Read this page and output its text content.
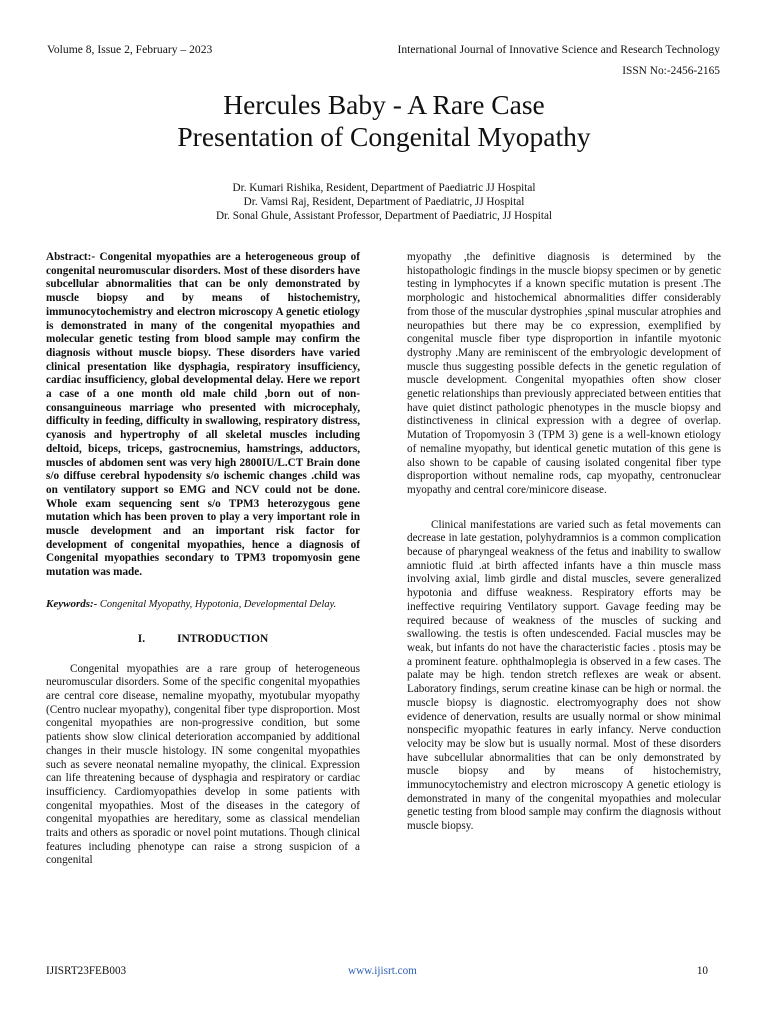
Volume 8, Issue 2, February – 2023	International Journal of Innovative Science and Research Technology
ISSN No:-2456-2165
Hercules Baby - A Rare Case
Presentation of Congenital Myopathy
Dr. Kumari Rishika, Resident, Department of Paediatric JJ Hospital
Dr. Vamsi Raj, Resident, Department of Paediatric, JJ Hospital
Dr. Sonal Ghule, Assistant Professor, Department of Paediatric, JJ Hospital

Abstract:- Congenital myopathies are a heterogeneous group of congenital neuromuscular disorders. Most of these disorders have subcellular abnormalities that can be only demonstrated by muscle biopsy and by means of histochemistry, immunocytochemistry and electron microscopy A genetic etiology is demonstrated in many of the congenital myopathies and molecular genetic testing from blood sample may confirm the diagnosis without muscle biopsy. These disorders have varied clinical presentation like dysphagia, respiratory insufficiency, cardiac insufficiency, global developmental delay. Here we report a case of a one month old male child ,born out of non- consanguineous marriage who presented with microcephaly, difficulty in feeding, difficulty in swallowing, respiratory distress, cyanosis and hypertrophy of all skeletal muscles including deltoid, biceps, triceps, gastrocnemius, hamstrings, adductors, muscles of abdomen sent was very high 2800IU/L.CT Brain done s/o diffuse cerebral hypodensity s/o ischemic changes .child was on ventilatory support so EMG and NCV could not be done. Whole exam sequencing sent s/o TPM3 heterozygous gene mutation which has been proven to play a very important role in muscle development and an important risk factor for development of congenital myopathies, hence a diagnosis of Congenital myopathies secondary to TPM3 tropomyosin gene mutation was made.

Keywords:- Congenital Myopathy, Hypotonia, Developmental Delay.

I.	INTRODUCTION

Congenital myopathies are a rare group of heterogeneous neuromuscular disorders. Some of the specific congenital myopathies are central core disease, nemaline myopathy, myotubular myopathy (Centro nuclear myopathy), congenital fiber type disproportion. Most congenital myopathies are non-progressive condition, but some patients show slow clinical deterioration accompanied by additional changes in their muscle histology. IN some congenital myopathies such as severe neonatal nemaline myopathy, the clinical. Expression can life threatening because of dysphagia and respiratory or cardiac insufficiency. Cardiomyopathies develop in some patients with congenital myopathies. Most of the diseases in the category of congenital myopathies are hereditary, some as classical mendelian traits and others as sporadic or novel point mutations. Though clinical features including phenotype can raise a strong suspicion of a congenital

myopathy ,the definitive diagnosis is determined by the histopathologic findings in the muscle biopsy specimen or by genetic testing in lymphocytes if a known specific mutation is present .The morphologic and histochemical abnormalities differ considerably from those of the muscular dystrophies ,spinal muscular atrophies and neuropathies but there may be co expression, exemplified by congenital muscle fiber type disproportion in infantile myotonic dystrophy .Many are reminiscent of the embryologic development of muscle thus suggesting possible defects in the genetic regulation of muscle development. Congenital myopathies often show closer genetic relationships than previously appreciated between entities that have quiet distinct pathologic phenotypes in the muscle biopsy and distinctiveness in clinical expression with a degree of overlap. Mutation of Tropomyosin 3 (TPM 3) gene is a well-known etiology of nemaline myopathy, but identical genetic mutation of this gene is also shown to be capable of causing isolated congenital fiber type disproportion without nemaline rods, cap myopathy, centronuclear myopathy and central core/minicore disease.

Clinical manifestations are varied such as fetal movements can decrease in late gestation, polyhydramnios is a common complication because of pharyngeal weakness of the fetus and inability to swallow amniotic fluid .at birth affected infants have a thin muscle mass involving axial, limb girdle and distal muscles, severe generalized hypotonia and diffuse weakness. Respiratory efforts may be ineffective requiring Ventilatory support. Gavage feeding may be required because of weakness of the muscles of sucking and swallowing. the testis is often undescended. Facial muscles may be weak, but infants do not have the characteristic facies . ptosis may be a prominent feature. ophthalmoplegia is observed in a few cases. The palate may be high. tendon stretch reflexes are weak or absent. Laboratory findings, serum creatine kinase can be high or normal. the muscle biopsy is diagnostic. electromyography does not show evidence of denervation, results are usually normal or show minimal nonspecific myopathic features in early infancy. Nerve conduction velocity may be slow but is usually normal. Most of these disorders have subcellular abnormalities that can be only demonstrated by muscle biopsy and by means of histochemistry, immunocytochemistry and electron microscopy A genetic etiology is demonstrated in many of the congenital myopathies and molecular genetic testing from blood sample may confirm the diagnosis without muscle biopsy.

IJISRT23FEB003	www.ijisrt.com	10
